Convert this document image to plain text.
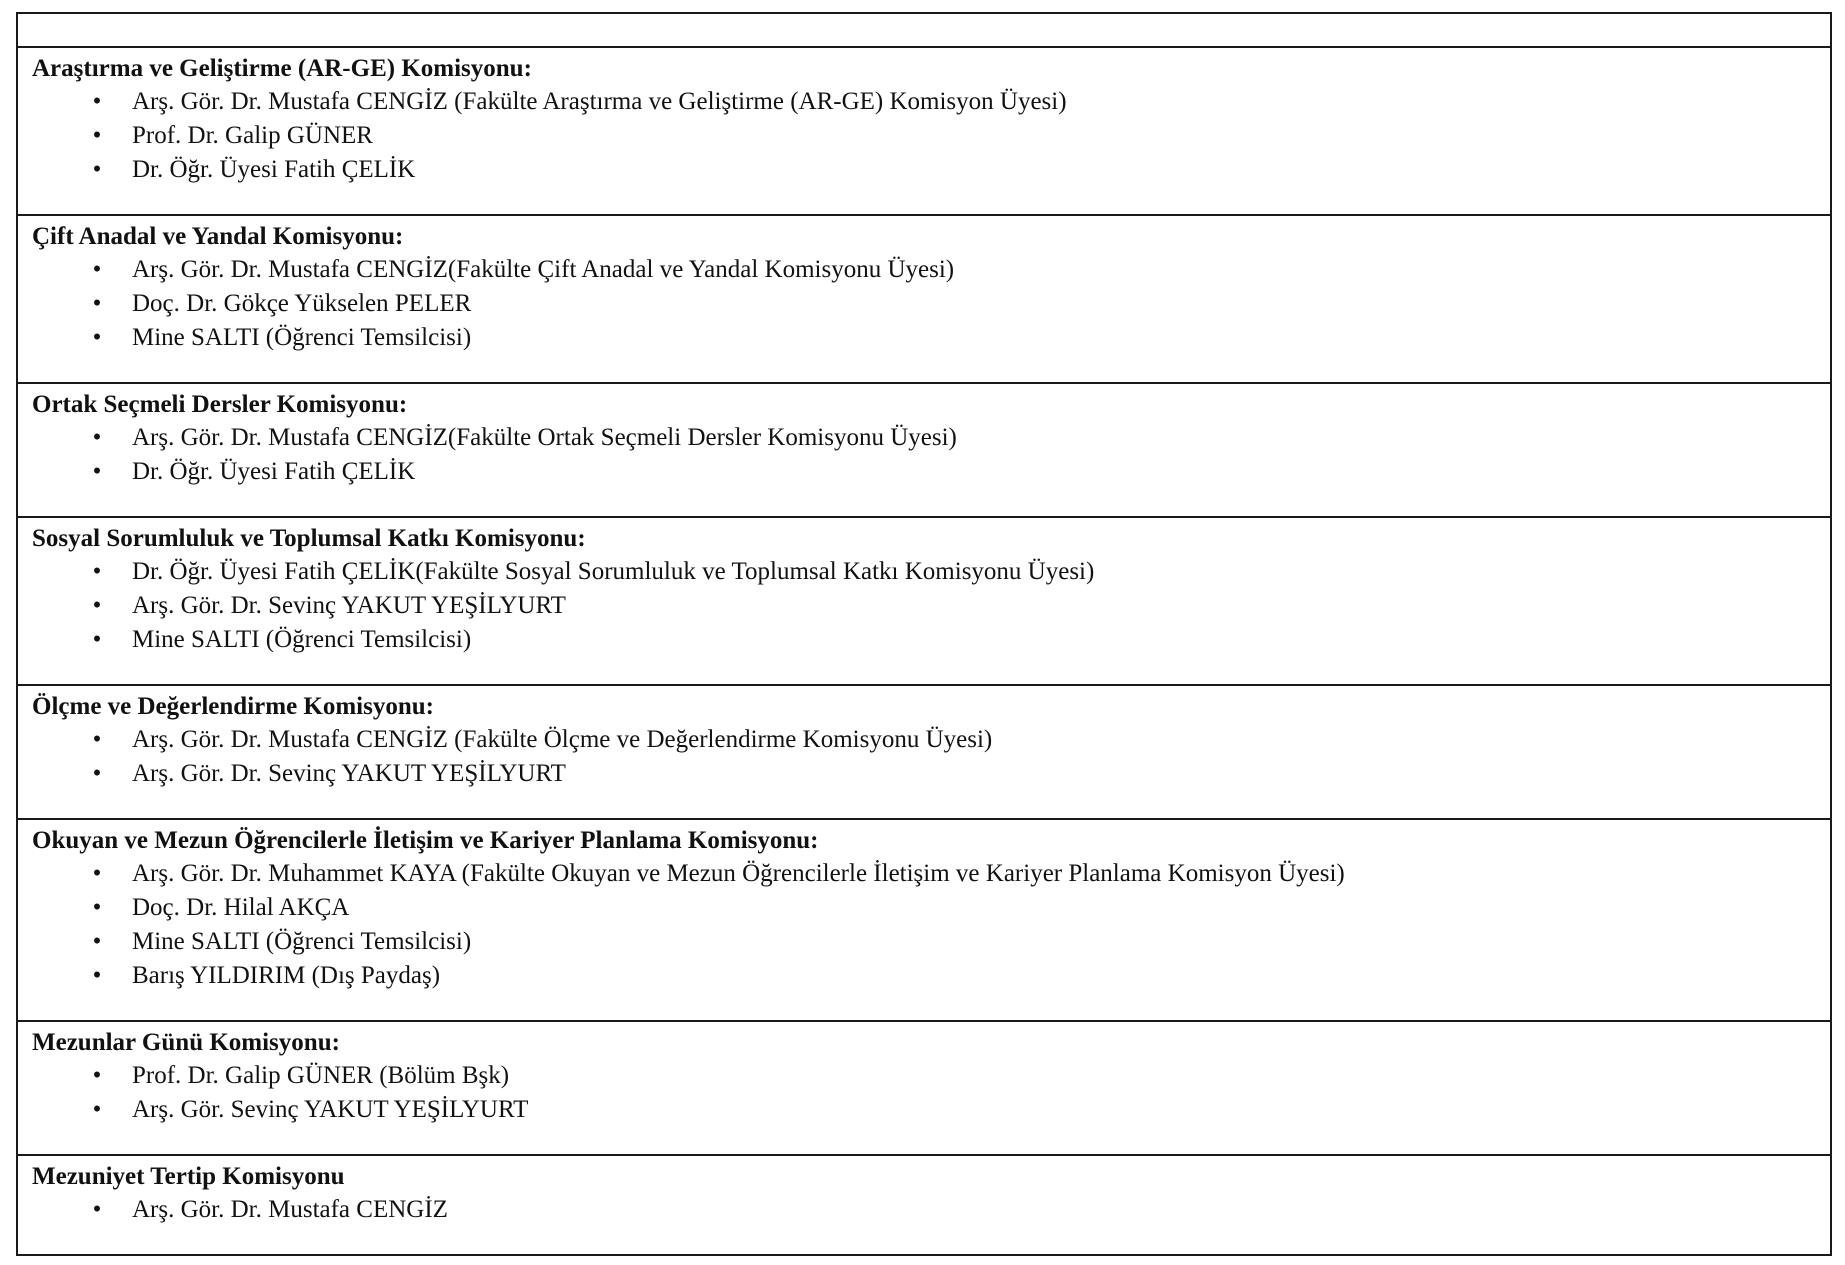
Araştırma ve Geliştirme (AR-GE) Komisyonu:

• Arş. Gör. Dr. Mustafa CENGİZ (Fakülte Araştırma ve Geliştirme (AR-GE) Komisyon Üyesi)
• Prof. Dr. Galip GÜNER
• Dr. Öğr. Üyesi Fatih ÇELİK

Çift Anadal ve Yandal Komisyonu:

• Arş. Gör. Dr. Mustafa CENGİZ(Fakülte Çift Anadal ve Yandal Komisyonu Üyesi)
• Doç. Dr. Gökçe Yükselen PELER
• Mine SALTI (Öğrenci Temsilcisi)

Ortak Seçmeli Dersler Komisyonu:

• Arş. Gör. Dr. Mustafa CENGİZ(Fakülte Ortak Seçmeli Dersler Komisyonu Üyesi)
• Dr. Öğr. Üyesi Fatih ÇELİK

Sosyal Sorumluluk ve Toplumsal Katkı Komisyonu:

• Dr. Öğr. Üyesi Fatih ÇELİK(Fakülte Sosyal Sorumluluk ve Toplumsal Katkı Komisyonu Üyesi)
• Arş. Gör. Dr. Sevinç YAKUT YEŞİLYURT
• Mine SALTI (Öğrenci Temsilcisi)

Ölçme ve Değerlendirme Komisyonu:

• Arş. Gör. Dr. Mustafa CENGİZ (Fakülte Ölçme ve Değerlendirme Komisyonu Üyesi)
• Arş. Gör. Dr. Sevinç YAKUT YEŞİLYURT

Okuyan ve Mezun Öğrencilerle İletişim ve Kariyer Planlama Komisyonu:

• Arş. Gör. Dr. Muhammet KAYA (Fakülte Okuyan ve Mezun Öğrencilerle İletişim ve Kariyer Planlama Komisyon Üyesi)
• Doç. Dr. Hilal AKÇA
• Mine SALTI (Öğrenci Temsilcisi)
• Barış YILDIRIM (Dış Paydaş)

Mezunlar Günü Komisyonu:

• Prof. Dr. Galip GÜNER (Bölüm Bşk)
• Arş. Gör. Sevinç YAKUT YEŞİLYURT

Mezuniyet Tertip Komisyonu

• Arş. Gör. Dr. Mustafa CENGİZ
